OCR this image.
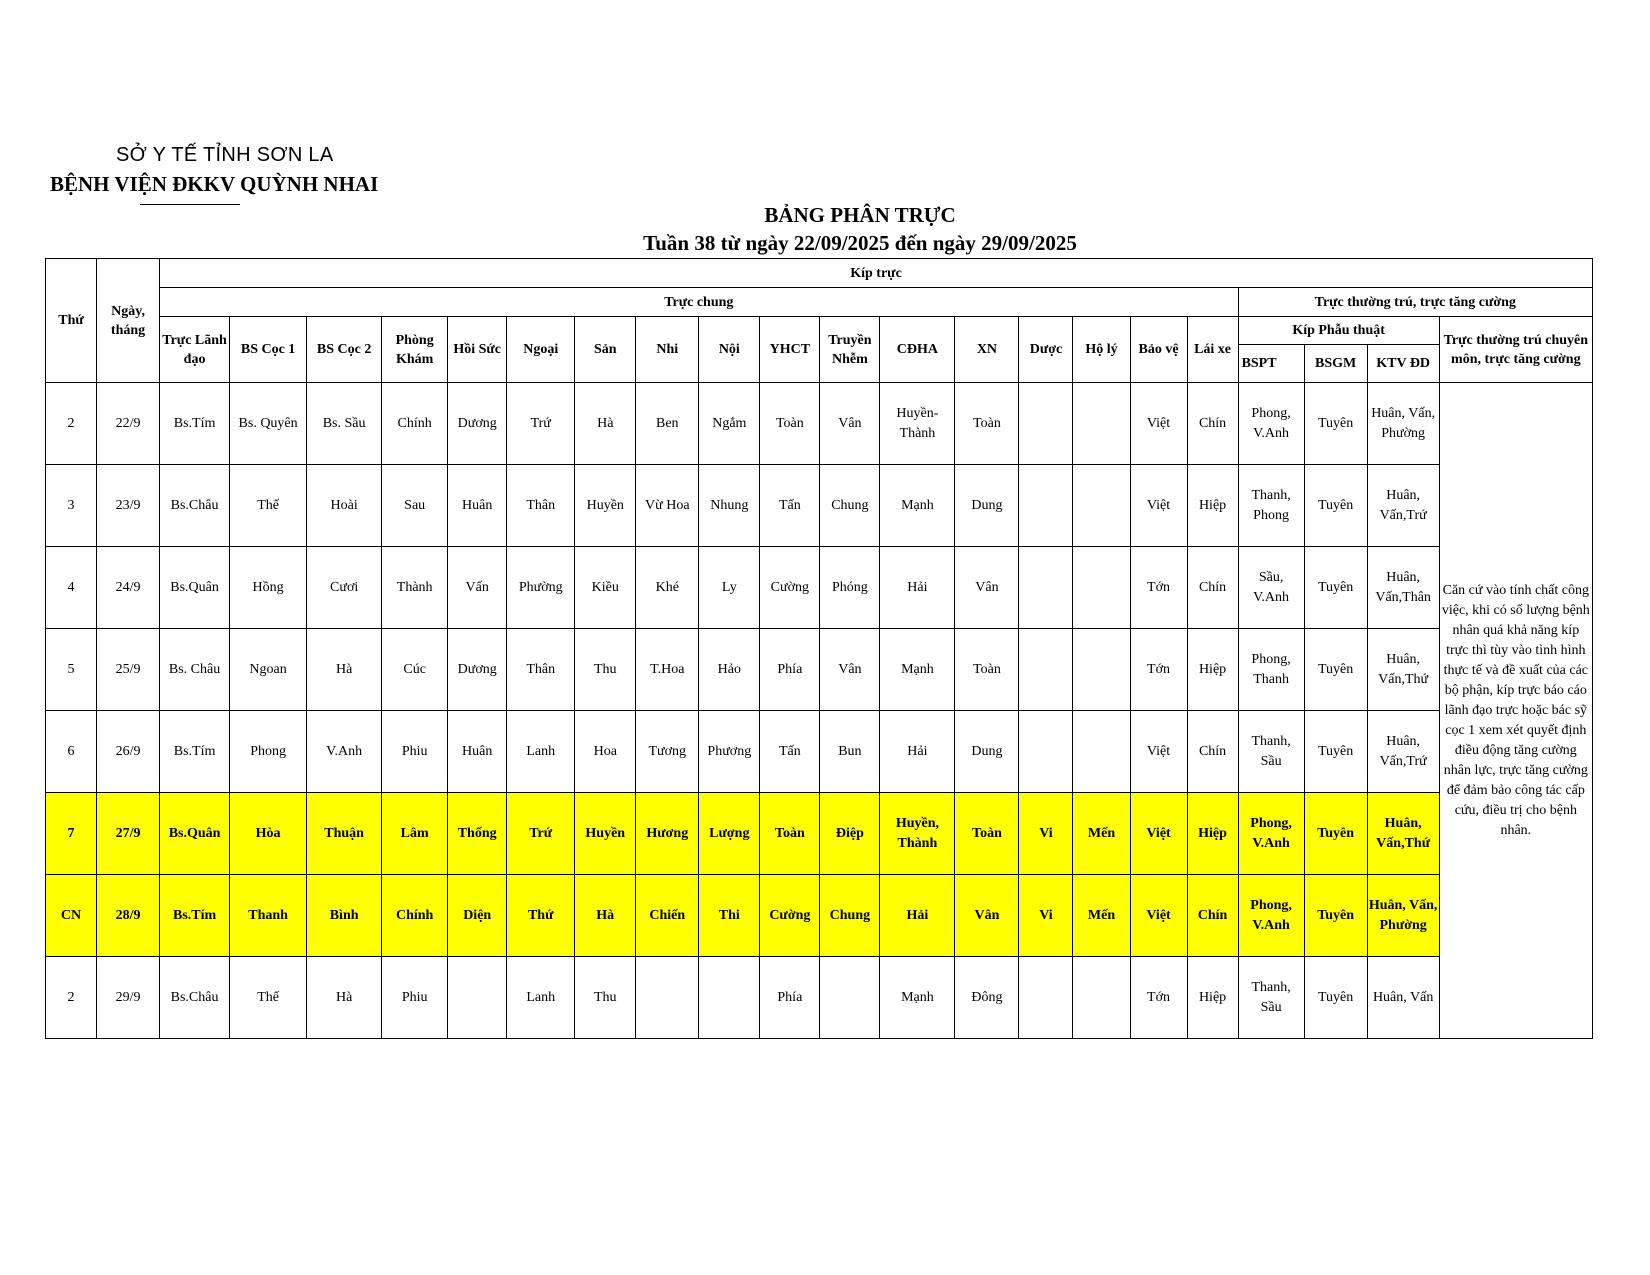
SỞ Y TẾ TỈNH SƠN LA
BỆNH VIỆN ĐKKV QUỲNH NHAI
BẢNG PHÂN TRỰC
Tuần 38 từ ngày 22/09/2025 đến ngày 29/09/2025
Thứ	Ngày, tháng	Kíp trực																				
		Trực chung																	Trực thường trú, trực tăng cường			
		Trực Lãnh đạo	BS Cọc 1	BS Cọc 2	Phòng Khám	Hồi Sức	Ngoại	Sản	Nhi	Nội	YHCT	Truyền Nhễm	CĐHA	XN	Dược	Hộ lý	Bảo vệ	Lái xe	Kíp Phẫu thuật			Trực thường trú chuyên môn, trực tăng cường
																			BSPT	BSGM	KTV ĐD	
2	22/9	Bs.Tím	Bs. Quyên	Bs. Sầu	Chính	Dương	Trứ	Hà	Ben	Ngắm	Toàn	Vân	Huyền-Thành	Toàn			Việt	Chín	Phong, V.Anh	Tuyên	Huân, Vấn, Phường	Căn cứ vào tính chất công việc, khi có số lượng bệnh nhân quá khả năng kíp trực thì tùy vào tình hình thực tế và đề xuất của các bộ phận, kíp trực báo cáo lãnh đạo trực hoặc bác sỹ cọc 1 xem xét quyết định điều động tăng cường nhân lực, trực tăng cường để đảm bảo công tác cấp cứu, điều trị cho bệnh nhân.
3	23/9	Bs.Châu	Thế	Hoài	Sau	Huân	Thân	Huyền	Vừ Hoa	Nhung	Tấn	Chung	Mạnh	Dung			Việt	Hiệp	Thanh, Phong	Tuyên	Huân, Vấn,Trứ	
4	24/9	Bs.Quân	Hồng	Cươi	Thành	Vấn	Phường	Kiều	Khé	Ly	Cường	Phóng	Hải	Vân			Tớn	Chín	Sầu, V.Anh	Tuyên	Huân, Vấn,Thân	
5	25/9	Bs. Châu	Ngoan	Hà	Cúc	Dương	Thân	Thu	T.Hoa	Hảo	Phía	Vân	Mạnh	Toàn			Tớn	Hiệp	Phong, Thanh	Tuyên	Huân, Vấn,Thứ	
6	26/9	Bs.Tím	Phong	V.Anh	Phiu	Huân	Lanh	Hoa	Tương	Phương	Tấn	Bun	Hải	Dung			Việt	Chín	Thanh, Sầu	Tuyên	Huân, Vấn,Trứ	
7	27/9	Bs.Quân	Hòa	Thuận	Lâm	Thống	Trứ	Huyền	Hương	Lượng	Toàn	Điệp	Huyền, Thành	Toàn	Vi	Mến	Việt	Hiệp	Phong, V.Anh	Tuyên	Huân, Vấn,Thứ	
CN	28/9	Bs.Tím	Thanh	Bình	Chính	Diện	Thứ	Hà	Chiến	Thi	Cường	Chung	Hải	Vân	Vi	Mến	Việt	Chín	Phong, V.Anh	Tuyên	Huân, Vấn, Phường	
2	29/9	Bs.Châu	Thế	Hà	Phiu		Lanh	Thu			Phía		Mạnh	Đông			Tớn	Hiệp	Thanh, Sầu	Tuyên	Huân, Vấn	
